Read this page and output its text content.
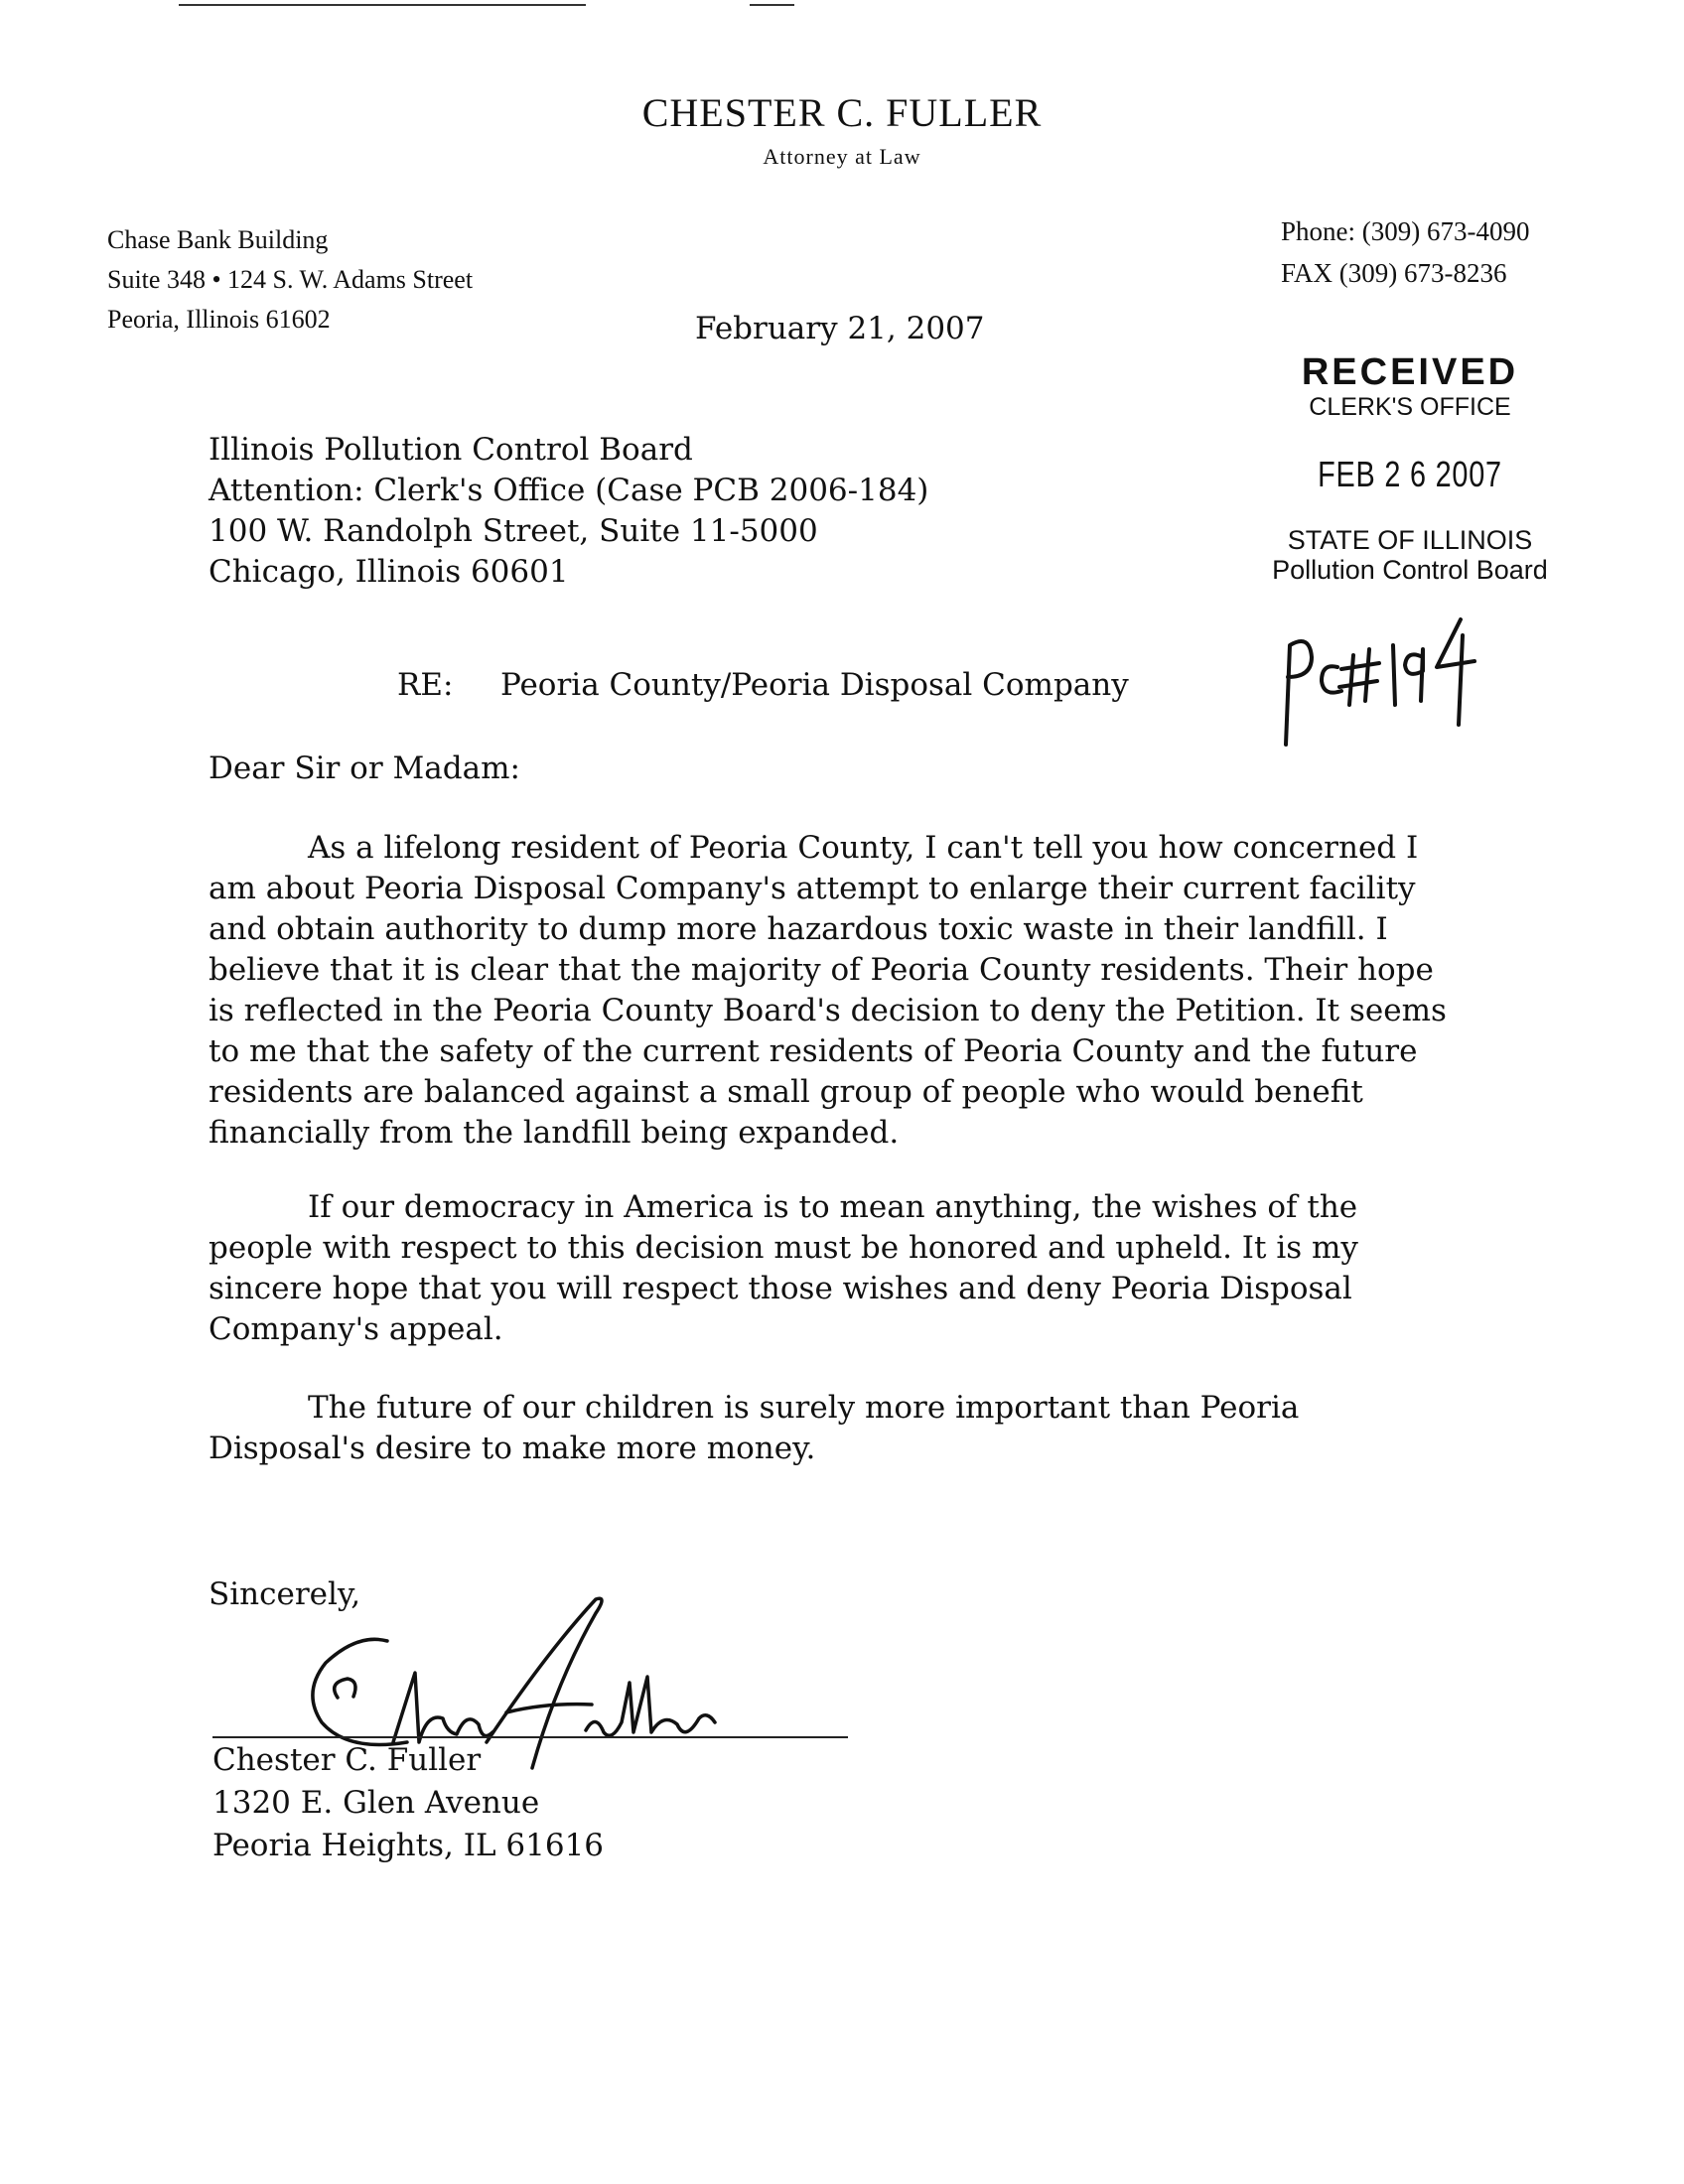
CHESTER C. FULLER
Attorney at Law
Chase Bank Building
Suite 348 • 124 S. W. Adams Street
Peoria, Illinois 61602
Phone: (309) 673-4090
FAX (309) 673-8236
February 21, 2007
RECEIVED
CLERK'S OFFICE
FEB 2 6 2007
STATE OF ILLINOIS
Pollution Control Board
Illinois Pollution Control Board
Attention: Clerk's Office (Case PCB 2006-184)
100 W. Randolph Street, Suite 11-5000
Chicago, Illinois 60601
RE: Peoria County/Peoria Disposal Company
Dear Sir or Madam:
As a lifelong resident of Peoria County, I can't tell you how concerned I
am about Peoria Disposal Company's attempt to enlarge their current facility
and obtain authority to dump more hazardous toxic waste in their landfill. I
believe that it is clear that the majority of Peoria County residents. Their hope
is reflected in the Peoria County Board's decision to deny the Petition. It seems
to me that the safety of the current residents of Peoria County and the future
residents are balanced against a small group of people who would benefit
financially from the landfill being expanded.
If our democracy in America is to mean anything, the wishes of the
people with respect to this decision must be honored and upheld. It is my
sincere hope that you will respect those wishes and deny Peoria Disposal
Company's appeal.
The future of our children is surely more important than Peoria
Disposal's desire to make more money.
Sincerely,
Chester C. Fuller
1320 E. Glen Avenue
Peoria Heights, IL 61616
